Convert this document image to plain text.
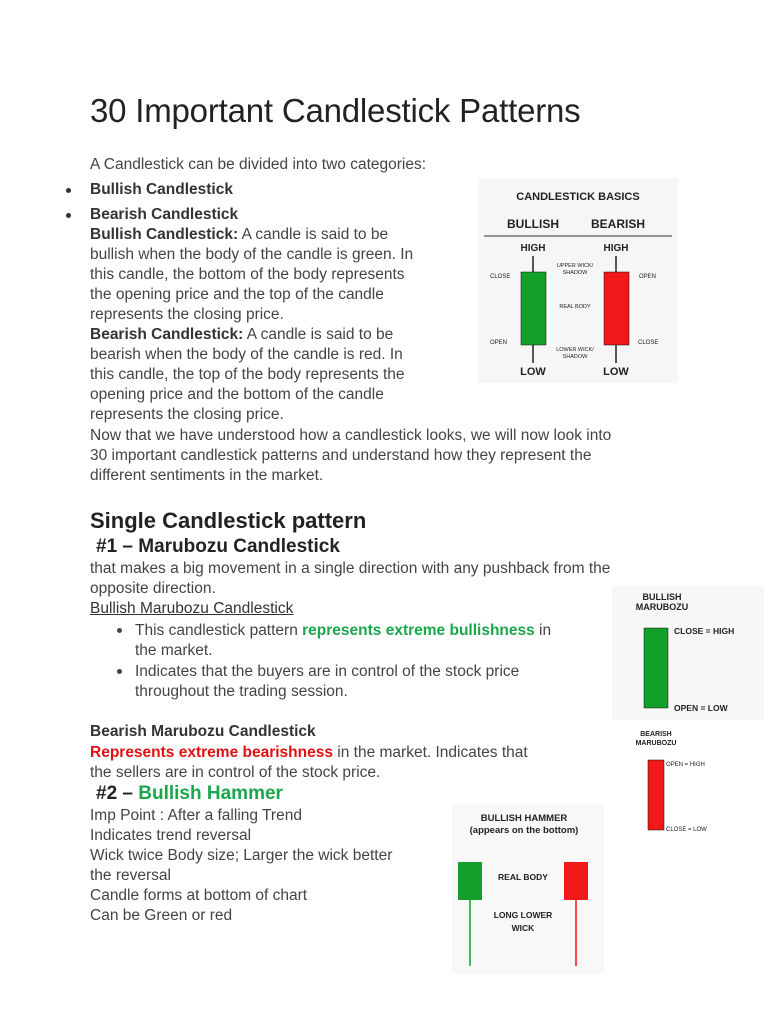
30 Important Candlestick Patterns
A Candlestick can be divided into two categories:
Bullish Candlestick
Bearish Candlestick
Bullish Candlestick: A candle is said to be
bullish when the body of the candle is green. In
this candle, the bottom of the body represents
the opening price and the top of the candle
represents the closing price.
Bearish Candlestick: A candle is said to be
bearish when the body of the candle is red. In
this candle, the top of the body represents the
opening price and the bottom of the candle
represents the closing price.
Now that we have understood how a candlestick looks, we will now look into
30 important candlestick patterns and understand how they represent the
different sentiments in the market.
CANDLESTICK BASICS
BULLISH	BEARISH
HIGH	HIGH
CLOSE	OPEN
OPEN	CLOSE
UPPER WICK/
SHADOW
REAL BODY
LOWER WICK/
SHADOW
LOW	LOW
Single Candlestick pattern
#1 – Marubozu Candlestick
that makes a big movement in a single direction with any pushback from the
opposite direction.
Bullish Marubozu Candlestick
This candlestick pattern represents extreme bullishness in
the market.
Indicates that the buyers are in control of the stock price
throughout the trading session.
Bearish Marubozu Candlestick
Represents extreme bearishness in the market. Indicates that
the sellers are in control of the stock price.
BULLISH
MARUBOZU
CLOSE = HIGH
OPEN = LOW
BEARISH
MARUBOZU
OPEN = HIGH
CLOSE = LOW
#2 – Bullish Hammer
Imp Point : After a falling Trend
Indicates trend reversal
Wick twice Body size; Larger the wick better
the reversal
Candle forms at bottom of chart
Can be Green or red
BULLISH HAMMER
(appears on the bottom)
REAL BODY
LONG LOWER
WICK
